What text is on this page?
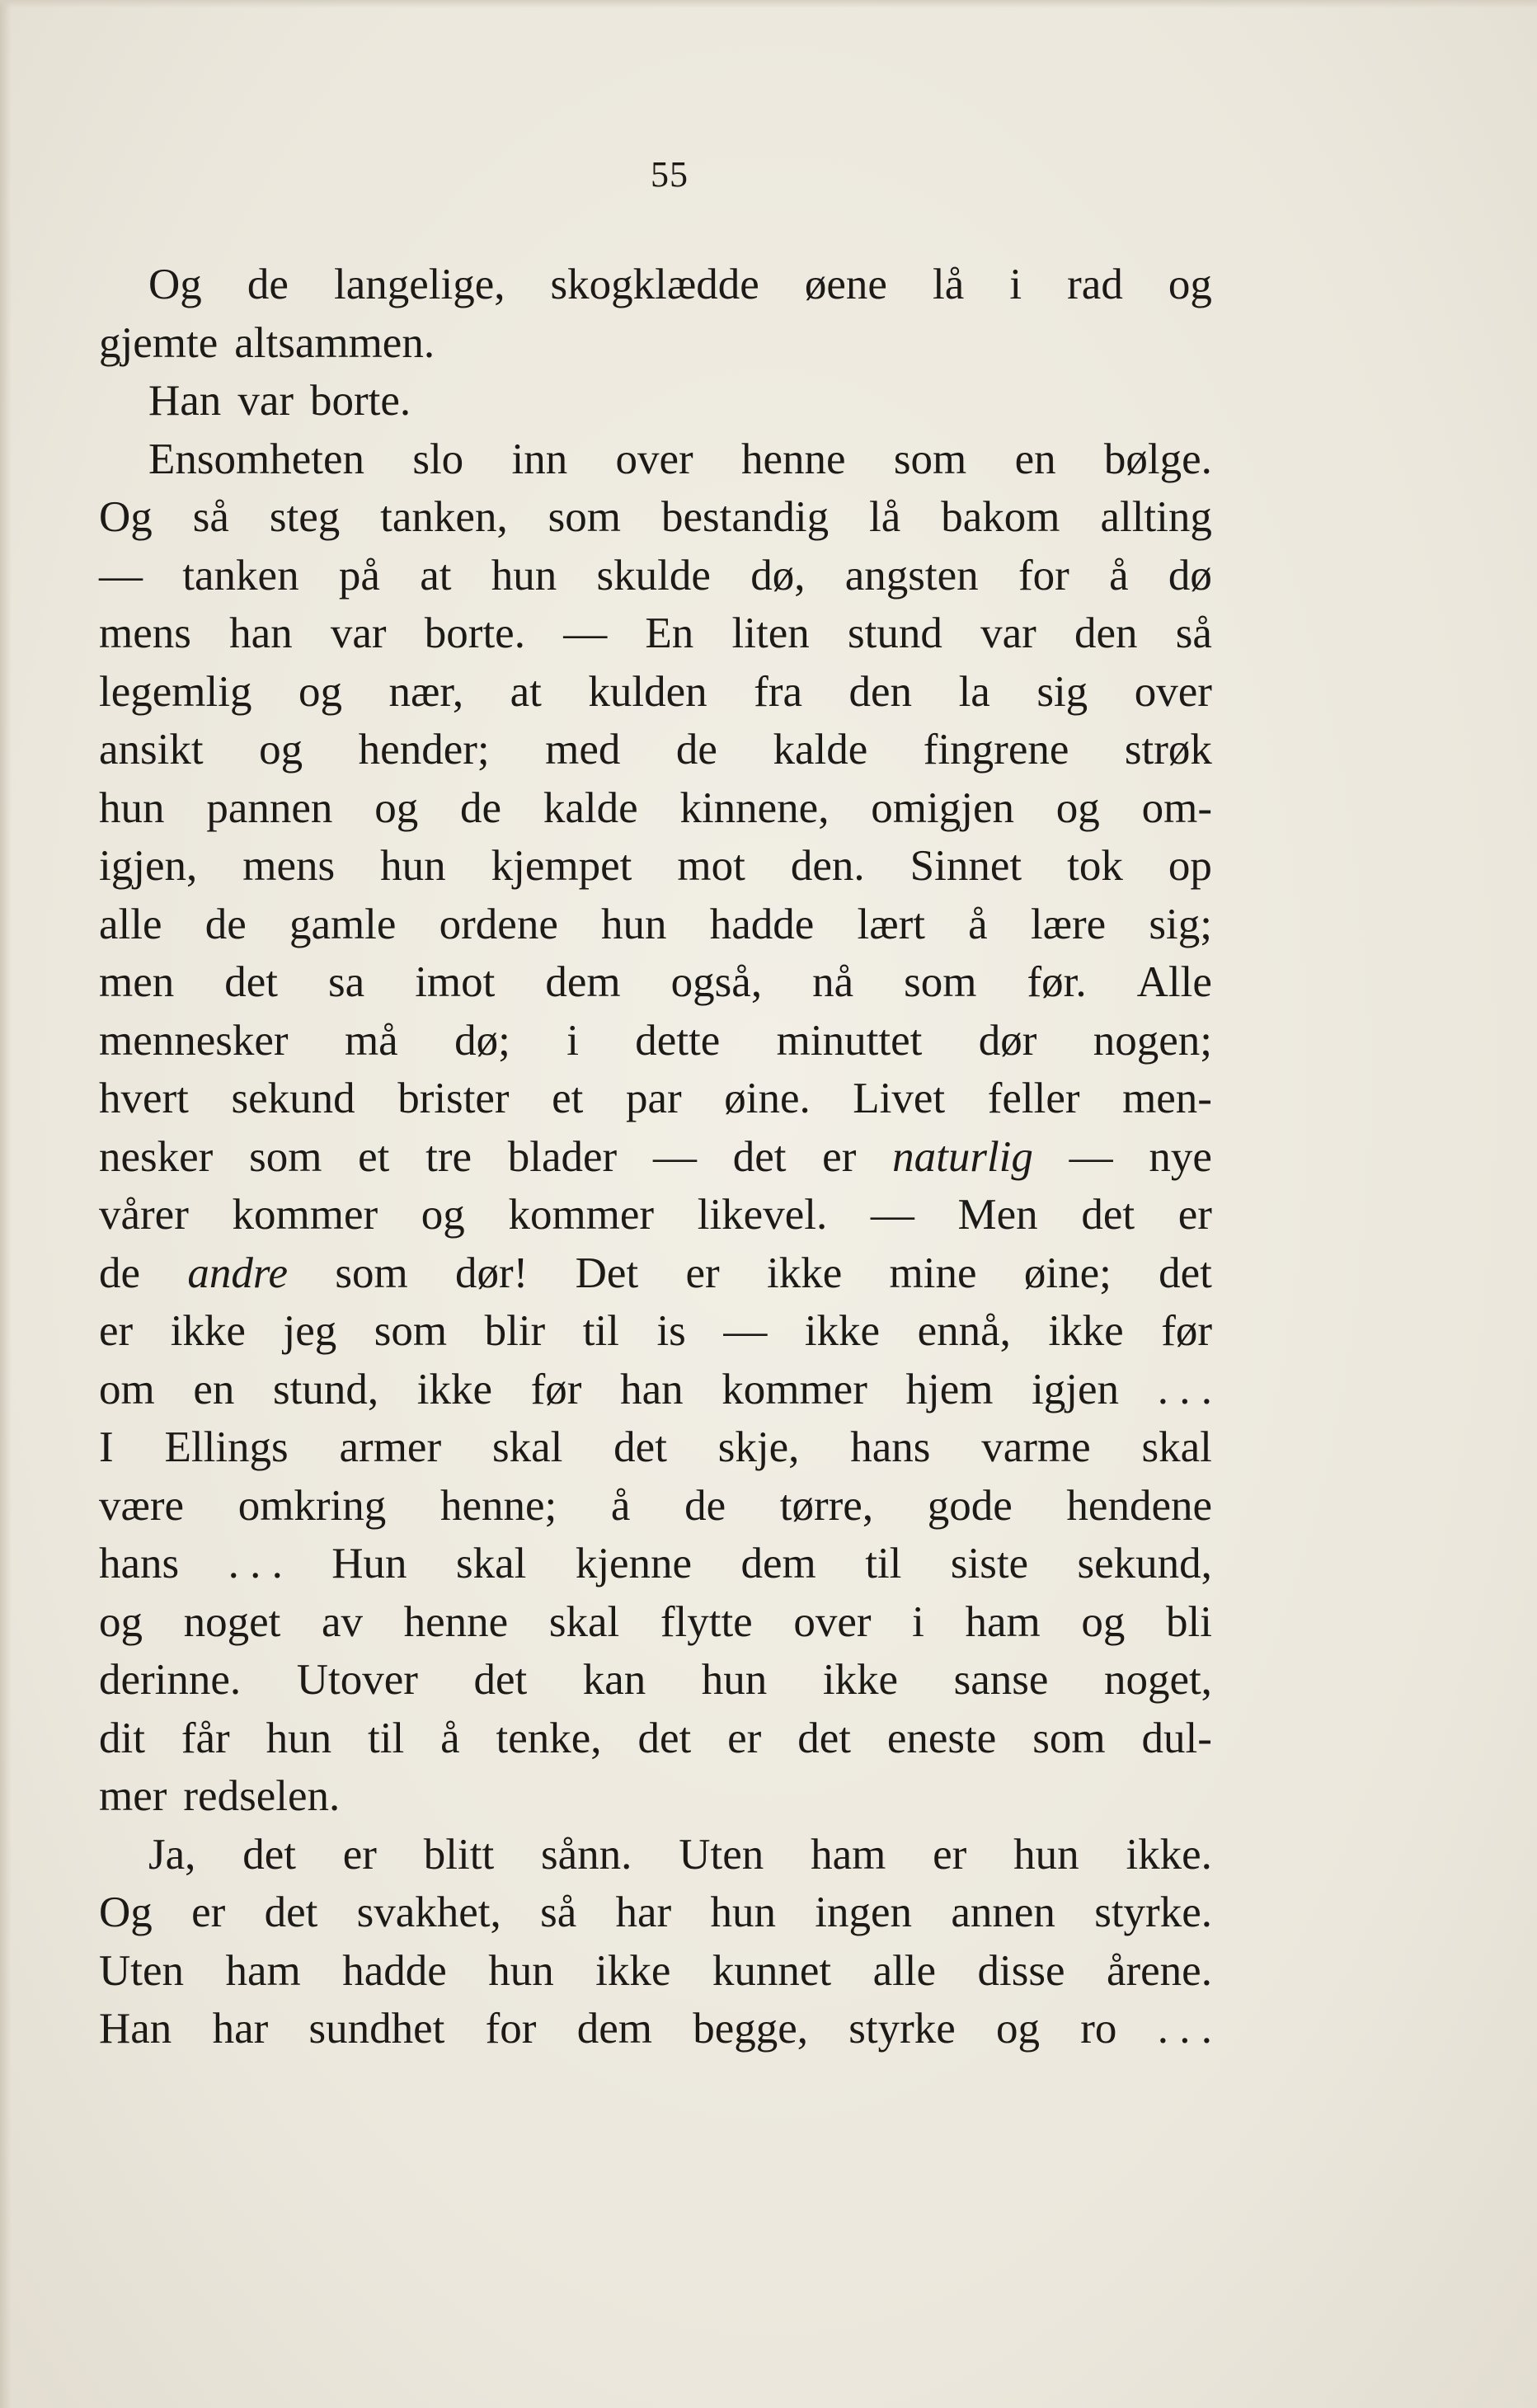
55
Og de langelige, skogklædde øene lå i rad og
gjemte altsammen.
Han var borte.
Ensomheten slo inn over henne som en bølge.
Og så steg tanken, som bestandig lå bakom allting
— tanken på at hun skulde dø, angsten for å dø
mens han var borte. — En liten stund var den så
legemlig og nær, at kulden fra den la sig over
ansikt og hender; med de kalde fingrene strøk
hun pannen og de kalde kinnene, omigjen og om-
igjen, mens hun kjempet mot den. Sinnet tok op
alle de gamle ordene hun hadde lært å lære sig;
men det sa imot dem også, nå som før. Alle
mennesker må dø; i dette minuttet dør nogen;
hvert sekund brister et par øine. Livet feller men-
nesker som et tre blader — det er naturlig — nye
vårer kommer og kommer likevel. — Men det er
de andre som dør! Det er ikke mine øine; det
er ikke jeg som blir til is — ikke ennå, ikke før
om en stund, ikke før han kommer hjem igjen . . .
I Ellings armer skal det skje, hans varme skal
være omkring henne; å de tørre, gode hendene
hans . . . Hun skal kjenne dem til siste sekund,
og noget av henne skal flytte over i ham og bli
derinne. Utover det kan hun ikke sanse noget,
dit får hun til å tenke, det er det eneste som dul-
mer redselen.
Ja, det er blitt sånn. Uten ham er hun ikke.
Og er det svakhet, så har hun ingen annen styrke.
Uten ham hadde hun ikke kunnet alle disse årene.
Han har sundhet for dem begge, styrke og ro . . .
